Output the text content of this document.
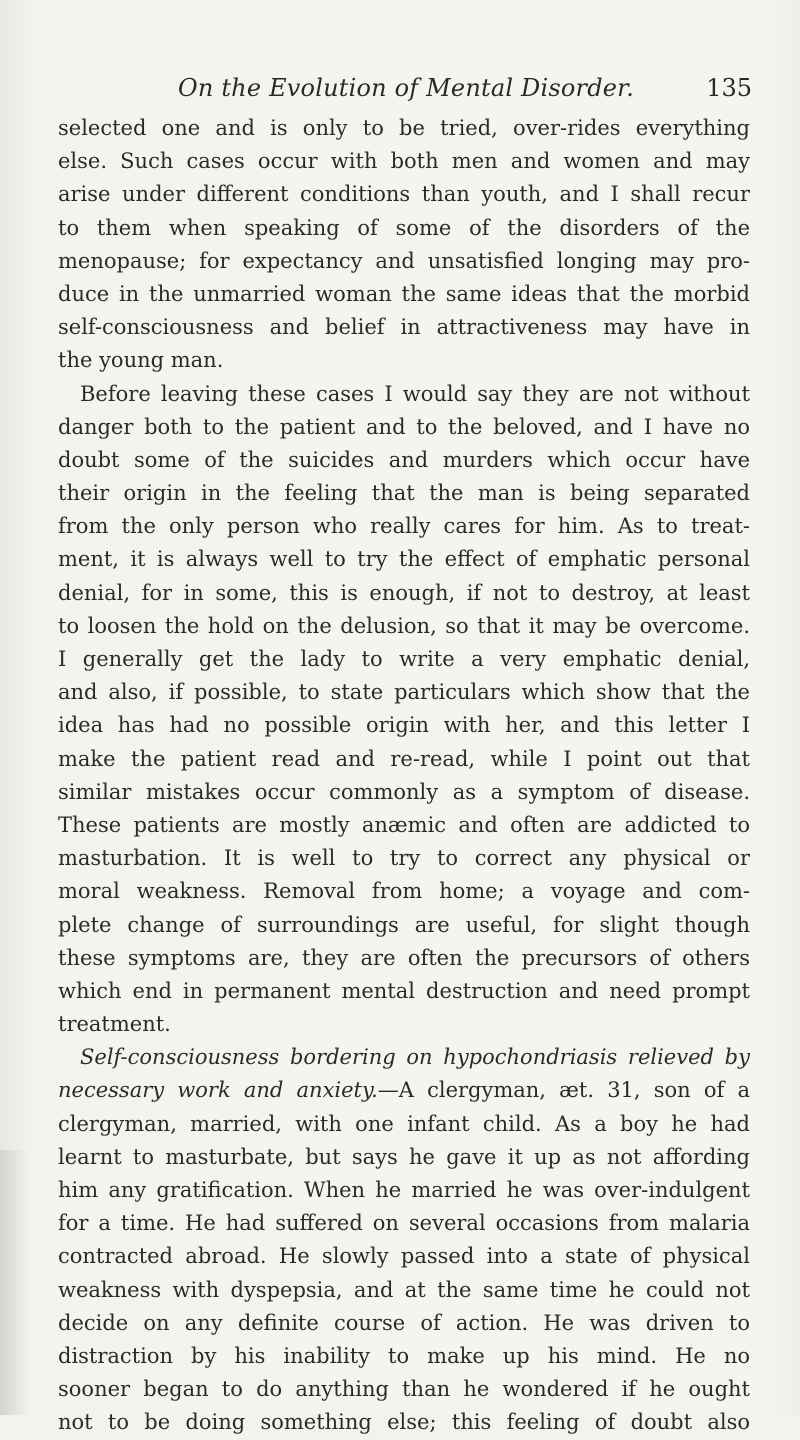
On the Evolution of Mental Disorder.	135
selected one and is only to be tried, over-rides everything
else. Such cases occur with both men and women and may
arise under different conditions than youth, and I shall recur
to them when speaking of some of the disorders of the
menopause; for expectancy and unsatisfied longing may pro-
duce in the unmarried woman the same ideas that the morbid
self-consciousness and belief in attractiveness may have in
the young man.
Before leaving these cases I would say they are not without
danger both to the patient and to the beloved, and I have no
doubt some of the suicides and murders which occur have
their origin in the feeling that the man is being separated
from the only person who really cares for him. As to treat-
ment, it is always well to try the effect of emphatic personal
denial, for in some, this is enough, if not to destroy, at least
to loosen the hold on the delusion, so that it may be overcome.
I generally get the lady to write a very emphatic denial,
and also, if possible, to state particulars which show that the
idea has had no possible origin with her, and this letter I
make the patient read and re-read, while I point out that
similar mistakes occur commonly as a symptom of disease.
These patients are mostly anæmic and often are addicted to
masturbation. It is well to try to correct any physical or
moral weakness. Removal from home; a voyage and com-
plete change of surroundings are useful, for slight though
these symptoms are, they are often the precursors of others
which end in permanent mental destruction and need prompt
treatment.
Self-consciousness bordering on hypochondriasis relieved by
necessary work and anxiety.—A clergyman, æt. 31, son of a
clergyman, married, with one infant child. As a boy he had
learnt to masturbate, but says he gave it up as not affording
him any gratification. When he married he was over-indulgent
for a time. He had suffered on several occasions from malaria
contracted abroad. He slowly passed into a state of physical
weakness with dyspepsia, and at the same time he could not
decide on any definite course of action. He was driven to
distraction by his inability to make up his mind. He no
sooner began to do anything than he wondered if he ought
not to be doing something else; this feeling of doubt also
